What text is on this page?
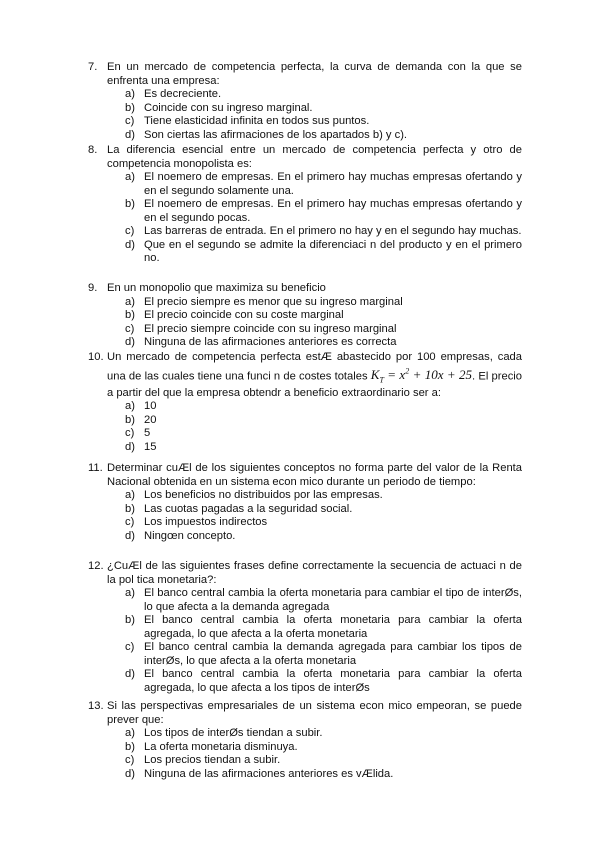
7. En un mercado de competencia perfecta, la curva de demanda con la que se enfrenta una empresa:
a) Es decreciente.
b) Coincide con su ingreso marginal.
c) Tiene elasticidad infinita en todos sus puntos.
d) Son ciertas las afirmaciones de los apartados b) y c).
8. La diferencia esencial entre un mercado de competencia perfecta y otro de competencia monopolista es:
a) El noemero de empresas. En el primero hay muchas empresas ofertando y en el segundo solamente una.
b) El noemero de empresas. En el primero hay muchas empresas ofertando y en el segundo pocas.
c) Las barreras de entrada. En el primero no hay y en el segundo hay muchas.
d) Que en el segundo se admite la diferenciaci n del producto y en el primero no.
9. En un monopolio que maximiza su beneficio
a) El precio siempre es menor que su ingreso marginal
b) El precio coincide con su coste marginal
c) El precio siempre coincide con su ingreso marginal
d) Ninguna de las afirmaciones anteriores es correcta
10. Un mercado de competencia perfecta estÆ abastecido por 100 empresas, cada una de las cuales tiene una funci n de costes totales $K_T = x^2 + 10x + 25$. El precio a partir del que la empresa obtendr a beneficio extraordinario ser a:
a) 10
b) 20
c) 5
d) 15
11. Determinar cuÆl de los siguientes conceptos no forma parte del valor de la Renta Nacional obtenida en un sistema econ mico durante un periodo de tiempo:
a) Los beneficios no distribuidos por las empresas.
b) Las cuotas pagadas a la seguridad social.
c) Los impuestos indirectos
d) Ningœn concepto.
12. ¿CuÆl de las siguientes frases define correctamente la secuencia de actuaci n de la pol tica monetaria?:
a) El banco central cambia la oferta monetaria para cambiar el tipo de interØs, lo que afecta a la demanda agregada
b) El banco central cambia la oferta monetaria para cambiar la oferta agregada, lo que afecta a la oferta monetaria
c) El banco central cambia la demanda agregada para cambiar los tipos de interØs, lo que afecta a la oferta monetaria
d) El banco central cambia la oferta monetaria para cambiar la oferta agregada, lo que afecta a los tipos de interØs
13. Si las perspectivas empresariales de un sistema econ mico empeoran, se puede prever que:
a) Los tipos de interØs tiendan a subir.
b) La oferta monetaria disminuya.
c) Los precios tiendan a subir.
d) Ninguna de las afirmaciones anteriores es vÆlida.
